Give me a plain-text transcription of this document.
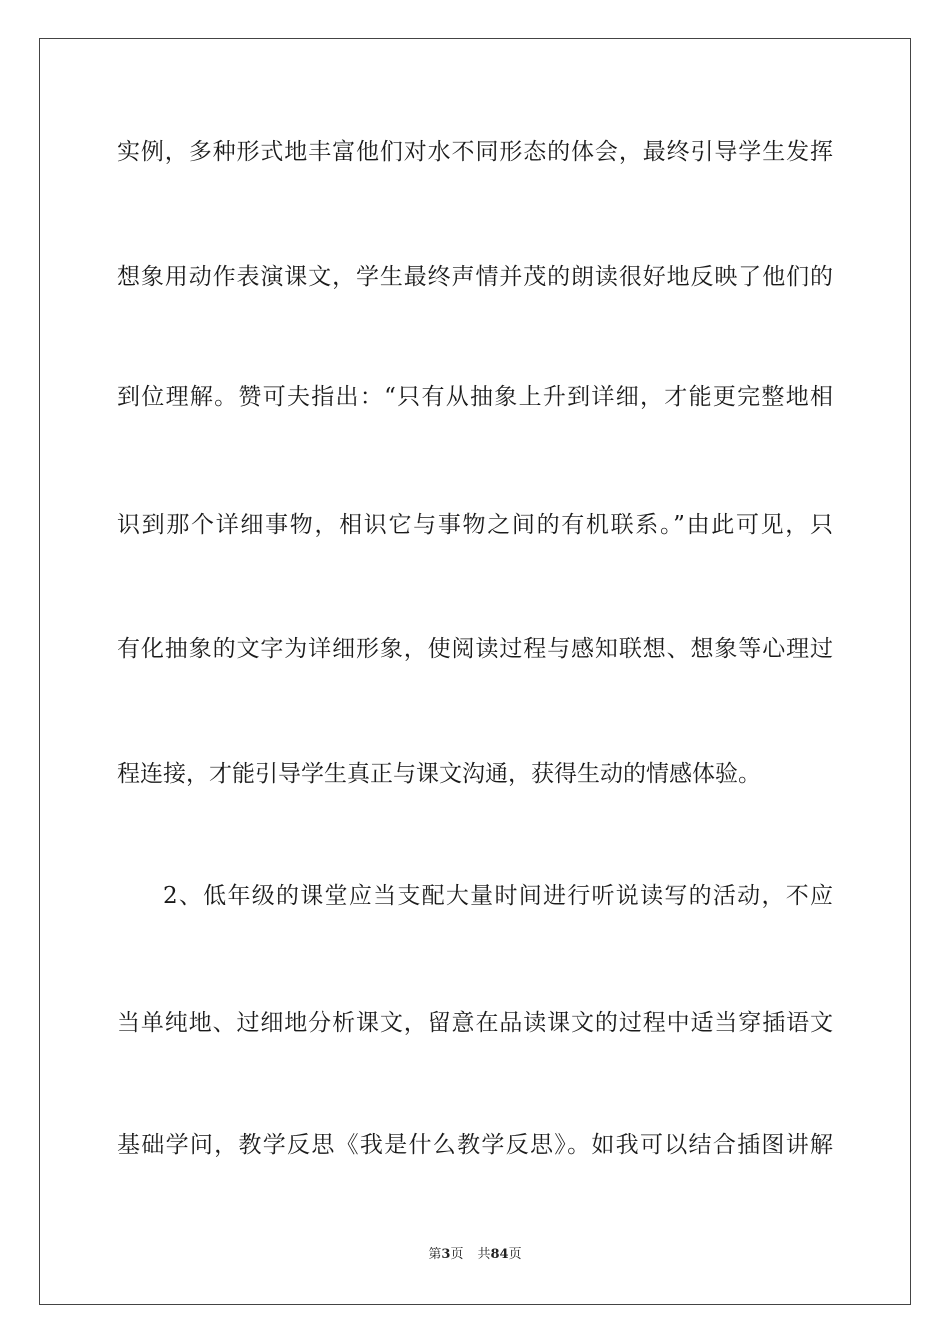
实例，多种形式地丰富他们对水不同形态的体会，最终引导学生发挥
想象用动作表演课文，学生最终声情并茂的朗读很好地反映了他们的
到位理解。赞可夫指出：“只有从抽象上升到详细，才能更完整地相
识到那个详细事物，相识它与事物之间的有机联系。”由此可见，只
有化抽象的文字为详细形象，使阅读过程与感知联想、想象等心理过
程连接，才能引导学生真正与课文沟通，获得生动的情感体验。
2、低年级的课堂应当支配大量时间进行听说读写的活动，不应
当单纯地、过细地分析课文，留意在品读课文的过程中适当穿插语文
基础学问，教学反思《我是什么教学反思》。如我可以结合插图讲解
第3页 共84页
